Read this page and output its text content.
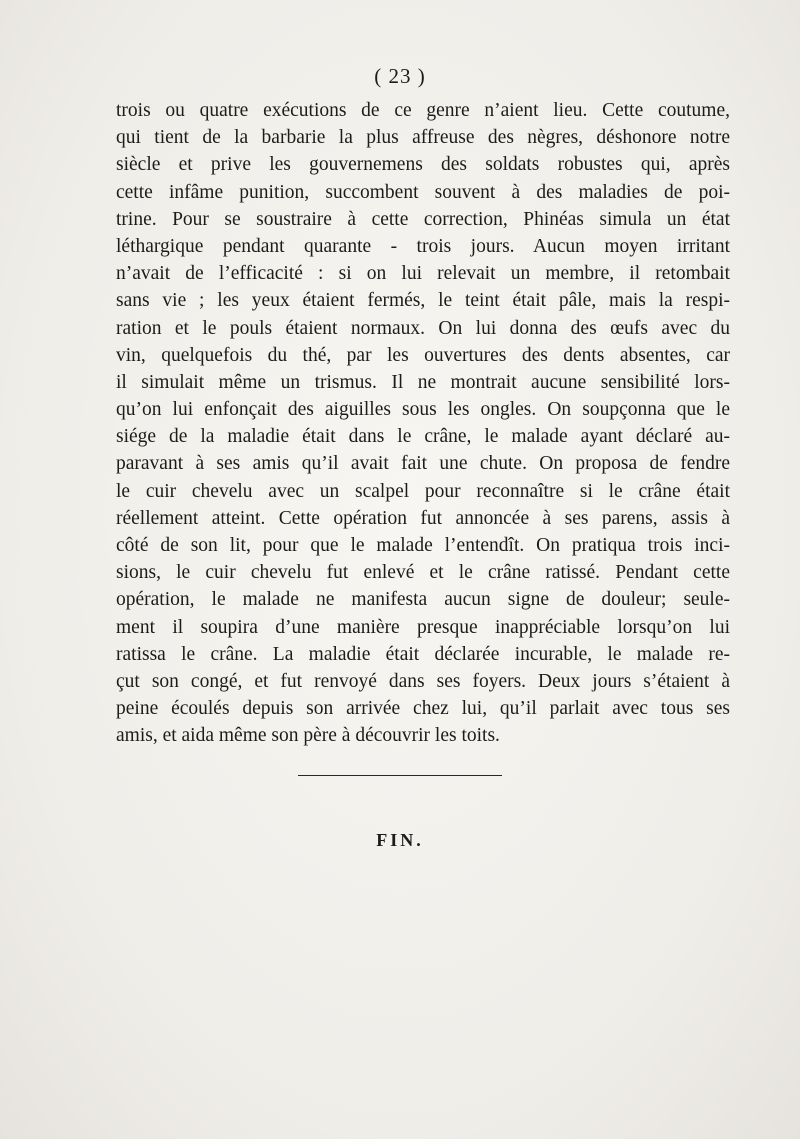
( 23 )
trois ou quatre exécutions de ce genre n’aient lieu. Cette coutume,
qui tient de la barbarie la plus affreuse des nègres, déshonore notre
siècle et prive les gouvernemens des soldats robustes qui, après
cette infâme punition, succombent souvent à des maladies de poi-
trine. Pour se soustraire à cette correction, Phinéas simula un état
léthargique pendant quarante - trois jours. Aucun moyen irritant
n’avait de l’efficacité : si on lui relevait un membre, il retombait
sans vie ; les yeux étaient fermés, le teint était pâle, mais la respi-
ration et le pouls étaient normaux. On lui donna des œufs avec du
vin, quelquefois du thé, par les ouvertures des dents absentes, car
il simulait même un trismus. Il ne montrait aucune sensibilité lors-
qu’on lui enfonçait des aiguilles sous les ongles. On soupçonna que le
siége de la maladie était dans le crâne, le malade ayant déclaré au-
paravant à ses amis qu’il avait fait une chute. On proposa de fendre
le cuir chevelu avec un scalpel pour reconnaître si le crâne était
réellement atteint. Cette opération fut annoncée à ses parens, assis à
côté de son lit, pour que le malade l’entendît. On pratiqua trois inci-
sions, le cuir chevelu fut enlevé et le crâne ratissé. Pendant cette
opération, le malade ne manifesta aucun signe de douleur; seule-
ment il soupira d’une manière presque inappréciable lorsqu’on lui
ratissa le crâne. La maladie était déclarée incurable, le malade re-
çut son congé, et fut renvoyé dans ses foyers. Deux jours s’étaient à
peine écoulés depuis son arrivée chez lui, qu’il parlait avec tous ses
amis, et aida même son père à découvrir les toits.
FIN.
